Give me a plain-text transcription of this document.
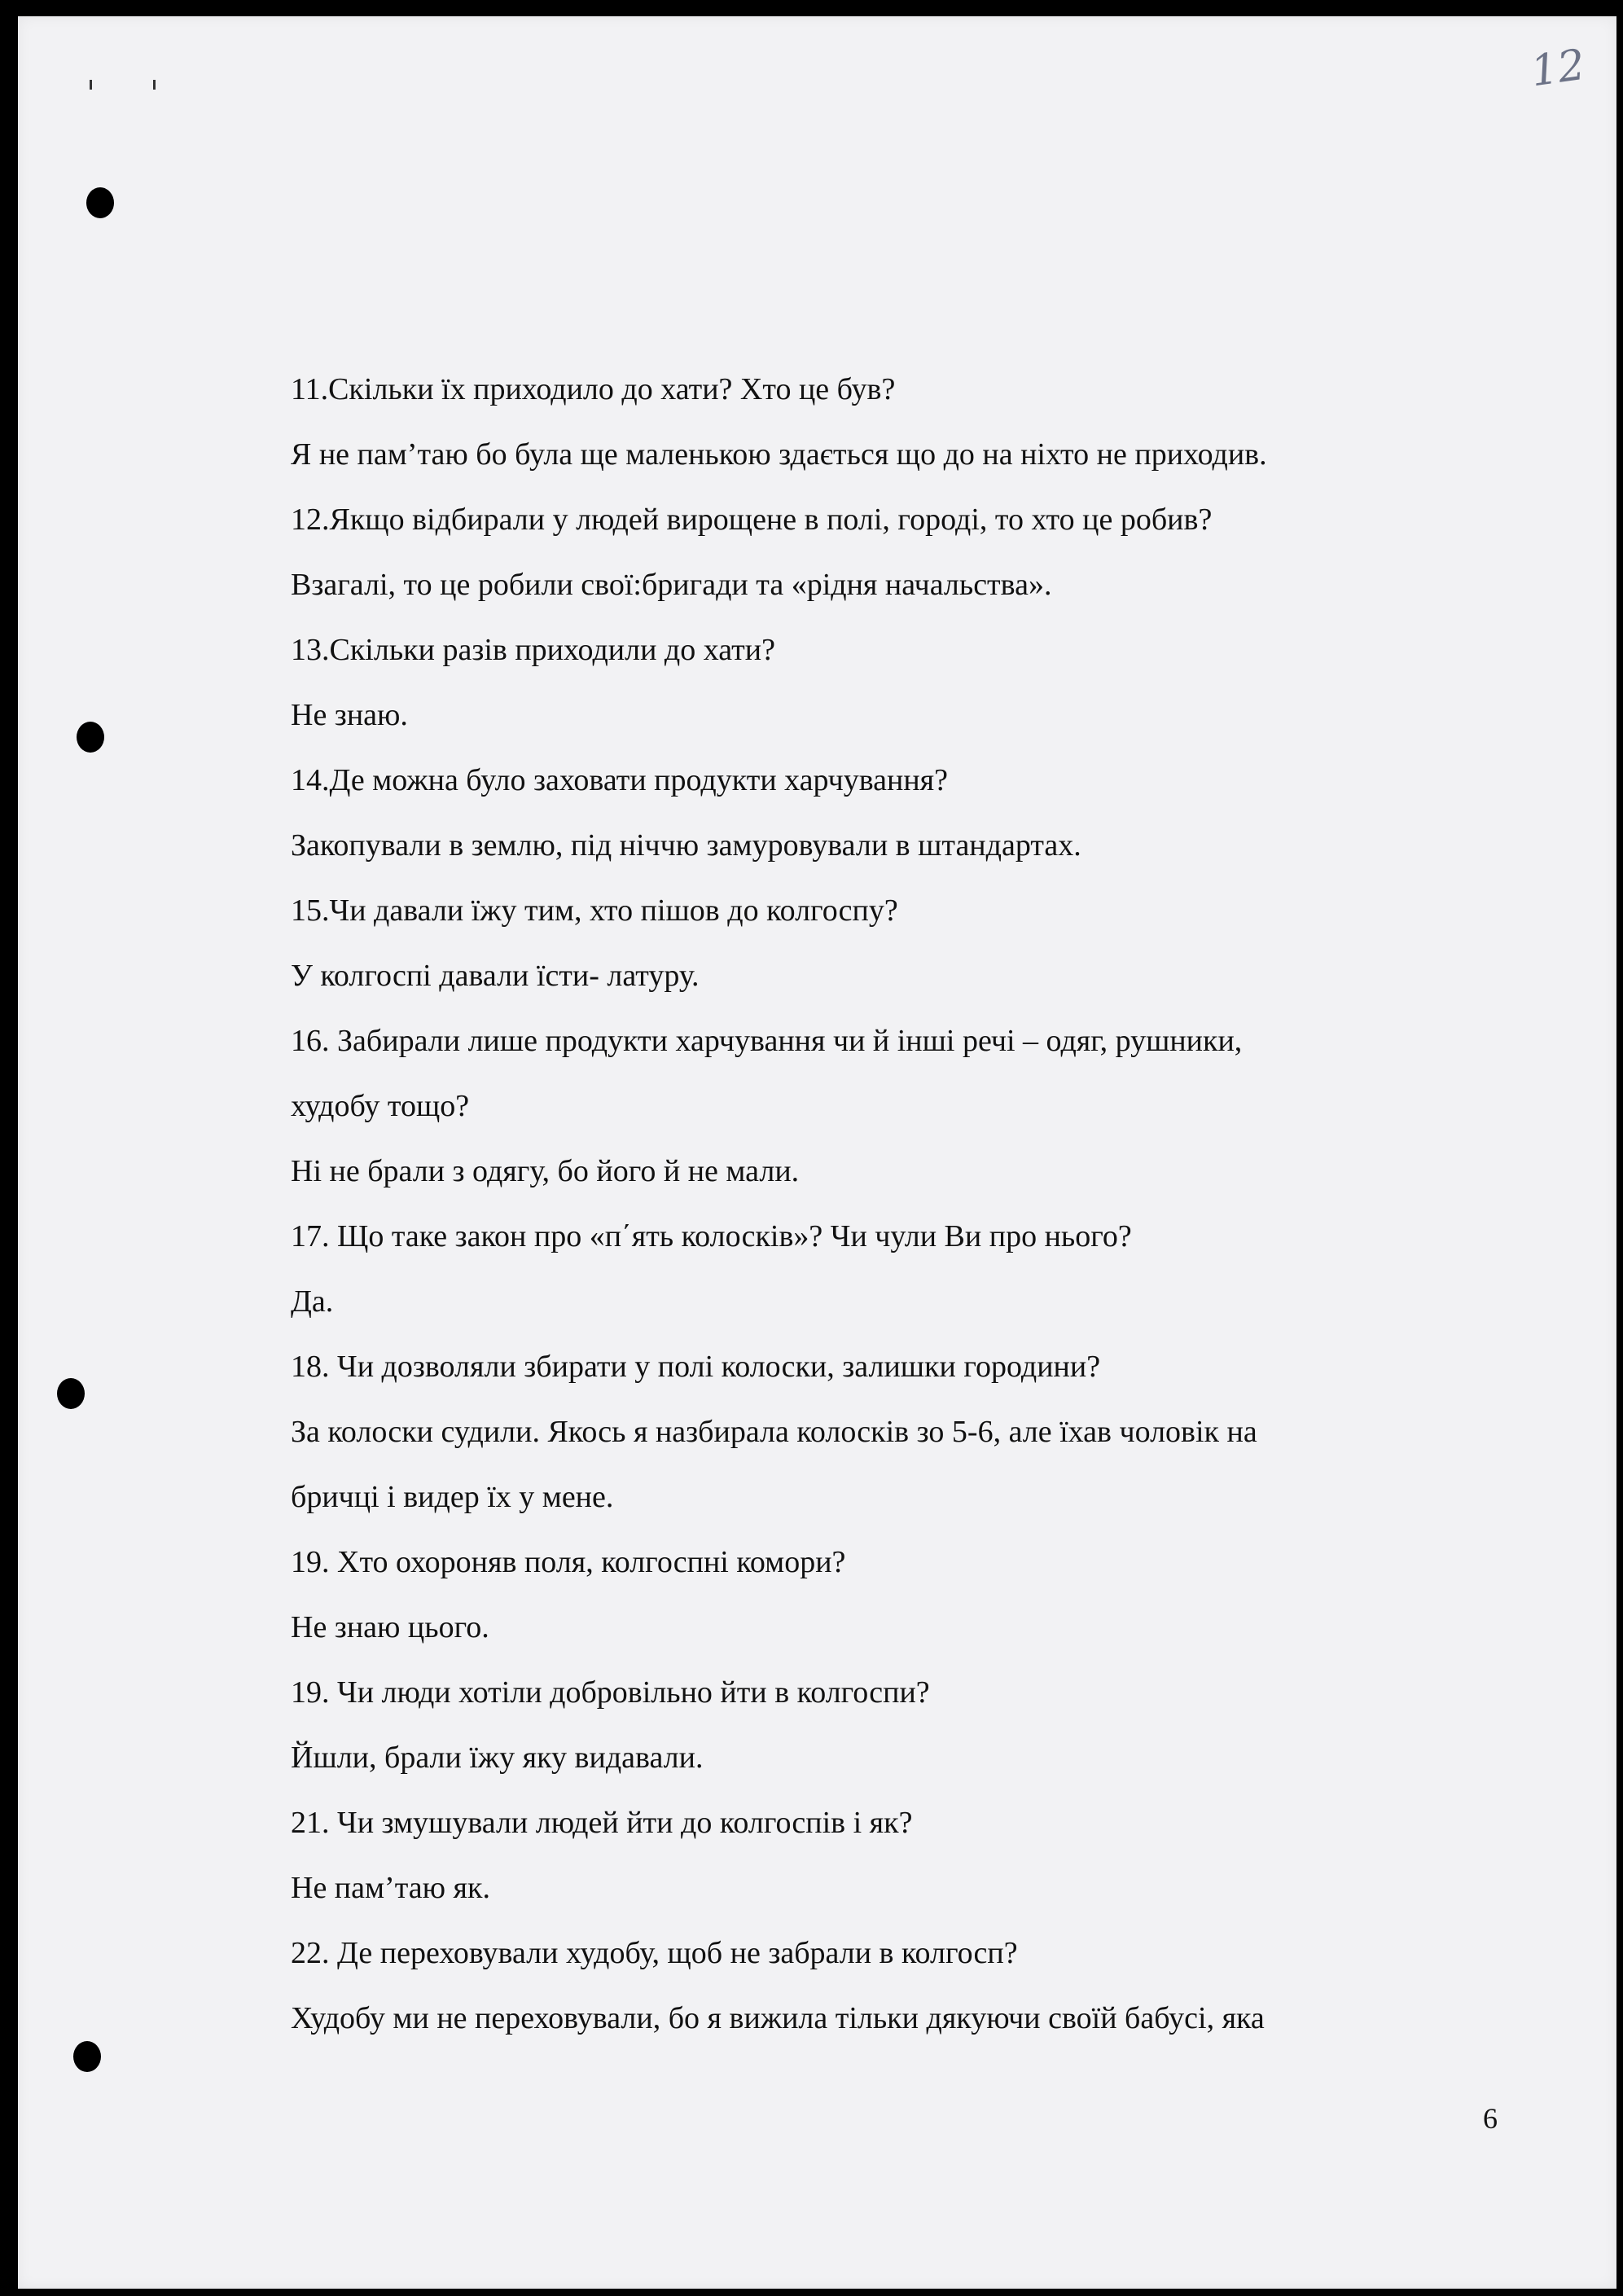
12
11.Скільки їх приходило до хати? Хто це був?
Я не пам’таю бо була ще маленькою здається що до на ніхто не приходив.
12.Якщо відбирали у людей вирощене в полі, городі, то хто це робив?
Взагалі, то це робили свої:бригади та «рідня начальства».
13.Скільки разів приходили до хати?
Не знаю.
14.Де можна було заховати продукти харчування?
Закопували в землю, під ніччю замуровували в штандартах.
15.Чи давали їжу тим, хто пішов до колгоспу?
У колгоспі давали їсти- латуру.
16. Забирали лише продукти харчування чи й інші речі – одяг, рушники,
худобу тощо?
Ні не брали з одягу, бо його й не мали.
17. Що таке закон про «п΄ять колосків»? Чи чули Ви про нього?
Да.
18. Чи дозволяли збирати у полі колоски, залишки городини?
За колоски судили. Якось я назбирала колосків зо 5-6, але їхав чоловік на
бричці і видер їх у мене.
19. Хто охороняв поля, колгоспні комори?
Не знаю цього.
19. Чи люди хотіли добровільно йти в колгоспи?
Йшли, брали їжу яку видавали.
21. Чи змушували людей йти до колгоспів і як?
Не пам’таю як.
22. Де переховували худобу, щоб не забрали в колгосп?
Худобу ми не переховували, бо я вижила тільки дякуючи своїй бабусі, яка
6
